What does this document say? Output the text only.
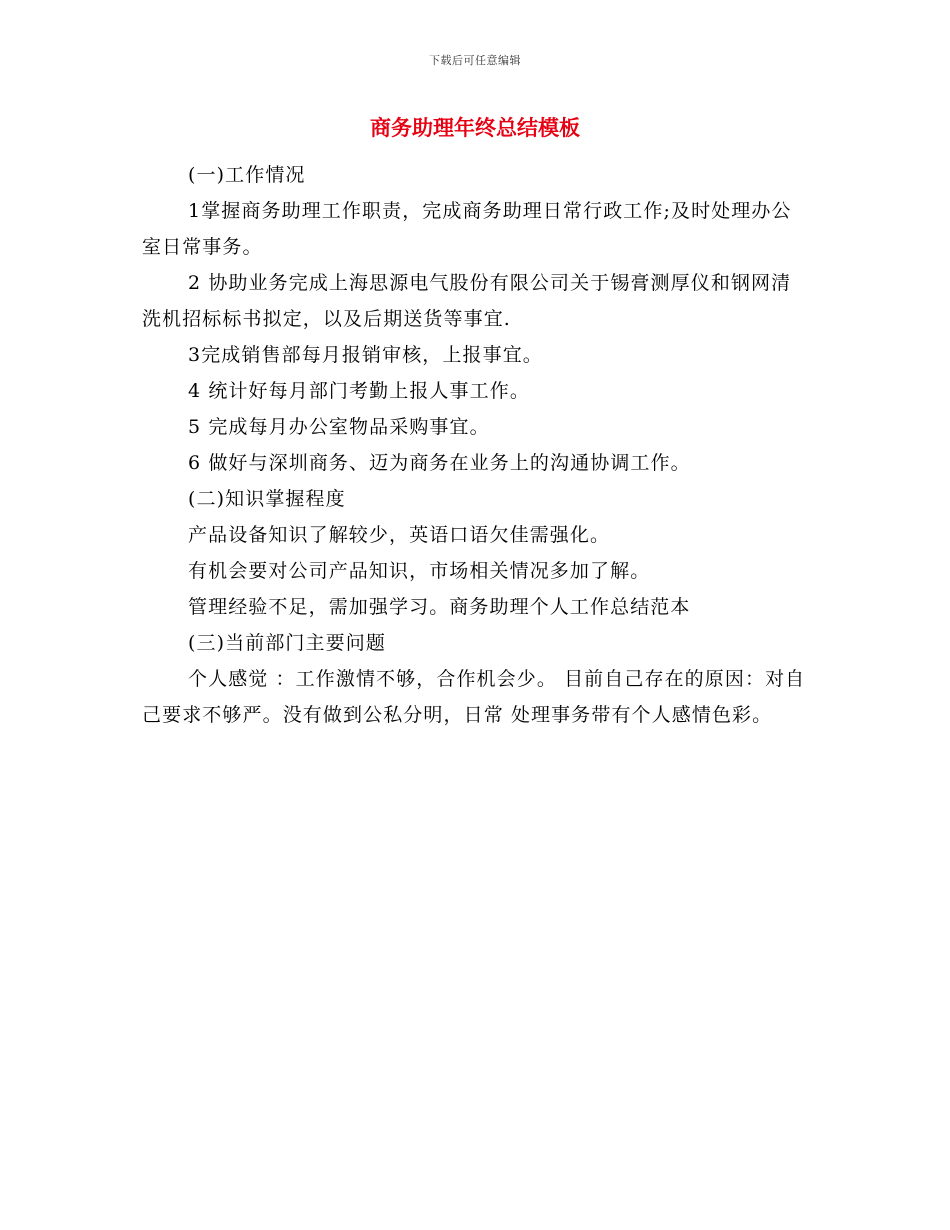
下载后可任意编辑
商务助理年终总结模板

(一)工作情况

1掌握商务助理工作职责，完成商务助理日常行政工作;及时处理办公室日常事务。

2 协助业务完成上海思源电气股份有限公司关于锡膏测厚仪和钢网清洗机招标标书拟定，以及后期送货等事宜.

3完成销售部每月报销审核，上报事宜。

4 统计好每月部门考勤上报人事工作。

5 完成每月办公室物品采购事宜。

6 做好与深圳商务、迈为商务在业务上的沟通协调工作。

(二)知识掌握程度

产品设备知识了解较少，英语口语欠佳需强化。

有机会要对公司产品知识，市场相关情况多加了解。

管理经验不足，需加强学习。商务助理个人工作总结范本

(三)当前部门主要问题

个人感觉 ：工作激情不够，合作机会少。 目前自己存在的原因：对自己要求不够严。没有做到公私分明，日常 处理事务带有个人感情色彩。
